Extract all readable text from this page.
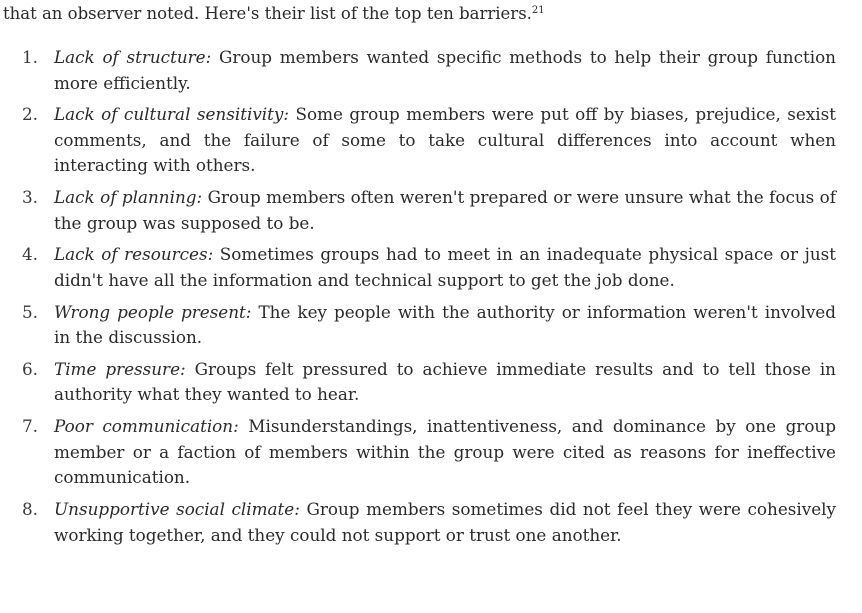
that an observer noted. Here's their list of the top ten barriers.$^{21}$

1. Lack of structure: Group members wanted specific methods to help their group function more efficiently.
2. Lack of cultural sensitivity: Some group members were put off by biases, prejudice, sexist comments, and the failure of some to take cultural differences into account when interacting with others.
3. Lack of planning: Group members often weren't prepared or were unsure what the focus of the group was supposed to be.
4. Lack of resources: Sometimes groups had to meet in an inadequate physical space or just didn't have all the information and technical support to get the job done.
5. Wrong people present: The key people with the authority or information weren't involved in the discussion.
6. Time pressure: Groups felt pressured to achieve immediate results and to tell those in authority what they wanted to hear.
7. Poor communication: Misunderstandings, inattentiveness, and dominance by one group member or a faction of members within the group were cited as reasons for ineffective communication.
8. Unsupportive social climate: Group members sometimes did not feel they were cohesively working together, and they could not support or trust one another.
